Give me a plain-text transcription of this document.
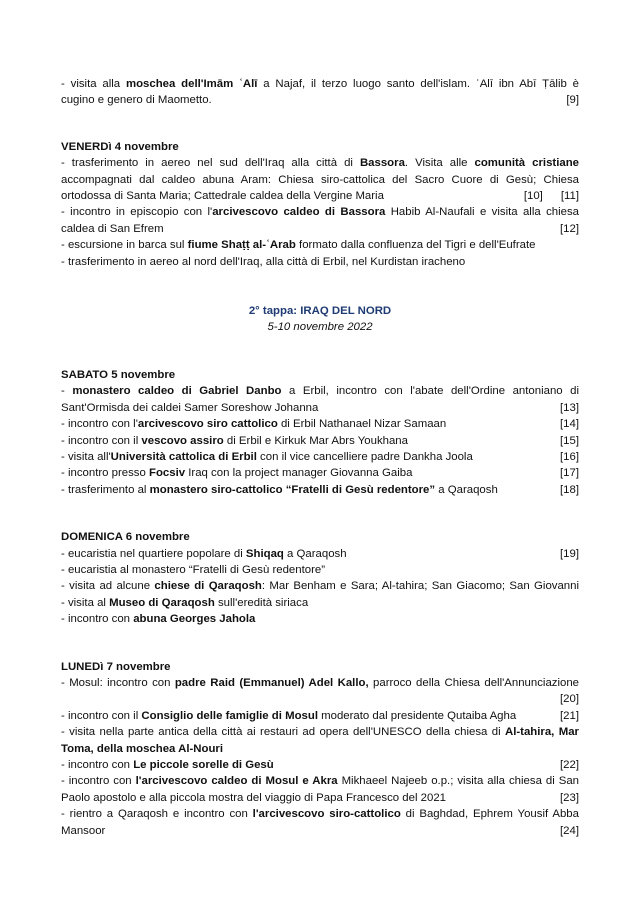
- visita alla moschea dell'Imām ʿAlī a Najaf, il terzo luogo santo dell'islam. ʿAlī ibn Abī Ṭālib è
cugino e genero di Maometto.	[9]
VENERDì 4 novembre
- trasferimento in aereo nel sud dell'Iraq alla città di Bassora. Visita alle comunità cristiane
accompagnati dal caldeo abuna Aram: Chiesa siro-cattolica del Sacro Cuore di Gesù; Chiesa
ortodossa di Santa Maria; Cattedrale caldea della Vergine Maria	[10] [11]
- incontro in episcopio con l'arcivescovo caldeo di Bassora Habib Al-Naufali e visita alla chiesa
caldea di San Efrem	[12]
- escursione in barca sul fiume Shaṭṭ al-ʿArab formato dalla confluenza del Tigri e dell'Eufrate
- trasferimento in aereo al nord dell'Iraq, alla città di Erbil, nel Kurdistan iracheno
2° tappa: IRAQ DEL NORD
5-10 novembre 2022
SABATO 5 novembre
- monastero caldeo di Gabriel Danbo a Erbil, incontro con l'abate dell'Ordine antoniano di
Sant'Ormisda dei caldei Samer Soreshow Johanna	[13]
- incontro con l'arcivescovo siro cattolico di Erbil Nathanael Nizar Samaan	[14]
- incontro con il vescovo assiro di Erbil e Kirkuk Mar Abrs Youkhana	[15]
- visita all'Università cattolica di Erbil con il vice cancelliere padre Dankha Joola	[16]
- incontro presso Focsiv Iraq con la project manager Giovanna Gaiba	[17]
- trasferimento al monastero siro-cattolico “Fratelli di Gesù redentore” a Qaraqosh	[18]
DOMENICA 6 novembre
- eucaristia nel quartiere popolare di Shiqaq a Qaraqosh	[19]
- eucaristia al monastero “Fratelli di Gesù redentore”
- visita ad alcune chiese di Qaraqosh: Mar Benham e Sara; Al-tahira; San Giacomo; San Giovanni
- visita al Museo di Qaraqosh sull'eredità siriaca
- incontro con abuna Georges Jahola
LUNEDì 7 novembre
- Mosul: incontro con padre Raid (Emmanuel) Adel Kallo, parroco della Chiesa dell'Annunciazione
[20]
- incontro con il Consiglio delle famiglie di Mosul moderato dal presidente Qutaiba Agha	[21]
- visita nella parte antica della città ai restauri ad opera dell'UNESCO della chiesa di Al-tahira, Mar
Toma, della moschea Al-Nouri
- incontro con Le piccole sorelle di Gesù	[22]
- incontro con l'arcivescovo caldeo di Mosul e Akra Mikhaeel Najeeb o.p.; visita alla chiesa di San
Paolo apostolo e alla piccola mostra del viaggio di Papa Francesco del 2021	[23]
- rientro a Qaraqosh e incontro con l'arcivescovo siro-cattolico di Baghdad, Ephrem Yousif Abba
Mansoor	[24]
